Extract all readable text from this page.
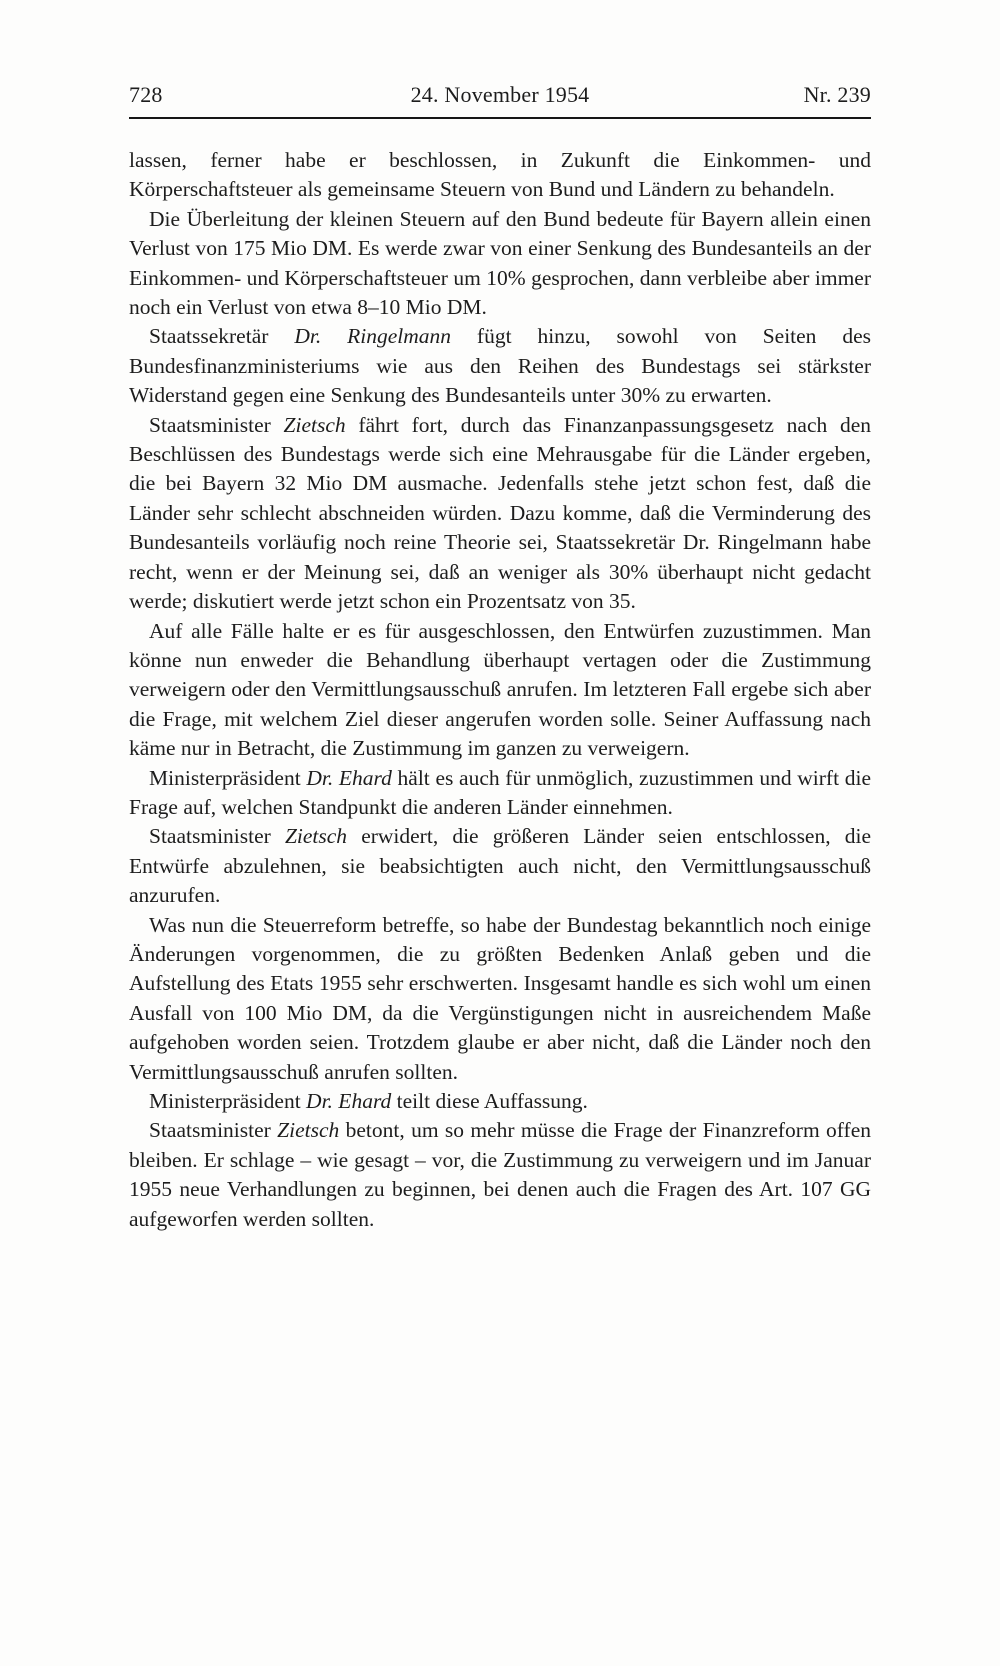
728	24. November 1954	Nr. 239

lassen, ferner habe er beschlossen, in Zukunft die Einkommen- und Körperschaftsteuer als gemeinsame Steuern von Bund und Ländern zu behandeln.

Die Überleitung der kleinen Steuern auf den Bund bedeute für Bayern allein einen Verlust von 175 Mio DM. Es werde zwar von einer Senkung des Bundesanteils an der Einkommen- und Körperschaftsteuer um 10% gesprochen, dann verbleibe aber immer noch ein Verlust von etwa 8–10 Mio DM.

Staatssekretär Dr. Ringelmann fügt hinzu, sowohl von Seiten des Bundesfinanzministeriums wie aus den Reihen des Bundestags sei stärkster Widerstand gegen eine Senkung des Bundesanteils unter 30% zu erwarten.

Staatsminister Zietsch fährt fort, durch das Finanzanpassungsgesetz nach den Beschlüssen des Bundestags werde sich eine Mehrausgabe für die Länder ergeben, die bei Bayern 32 Mio DM ausmache. Jedenfalls stehe jetzt schon fest, daß die Länder sehr schlecht abschneiden würden. Dazu komme, daß die Verminderung des Bundesanteils vorläufig noch reine Theorie sei, Staatssekretär Dr. Ringelmann habe recht, wenn er der Meinung sei, daß an weniger als 30% überhaupt nicht gedacht werde; diskutiert werde jetzt schon ein Prozentsatz von 35.

Auf alle Fälle halte er es für ausgeschlossen, den Entwürfen zuzustimmen. Man könne nun enweder die Behandlung überhaupt vertagen oder die Zustimmung verweigern oder den Vermittlungsausschuß anrufen. Im letzteren Fall ergebe sich aber die Frage, mit welchem Ziel dieser angerufen worden solle. Seiner Auffassung nach käme nur in Betracht, die Zustimmung im ganzen zu verweigern.

Ministerpräsident Dr. Ehard hält es auch für unmöglich, zuzustimmen und wirft die Frage auf, welchen Standpunkt die anderen Länder einnehmen.

Staatsminister Zietsch erwidert, die größeren Länder seien entschlossen, die Entwürfe abzulehnen, sie beabsichtigten auch nicht, den Vermittlungsausschuß anzurufen.

Was nun die Steuerreform betreffe, so habe der Bundestag bekanntlich noch einige Änderungen vorgenommen, die zu größten Bedenken Anlaß geben und die Aufstellung des Etats 1955 sehr erschwerten. Insgesamt handle es sich wohl um einen Ausfall von 100 Mio DM, da die Vergünstigungen nicht in ausreichendem Maße aufgehoben worden seien. Trotzdem glaube er aber nicht, daß die Länder noch den Vermittlungsausschuß anrufen sollten.

Ministerpräsident Dr. Ehard teilt diese Auffassung.

Staatsminister Zietsch betont, um so mehr müsse die Frage der Finanzreform offen bleiben. Er schlage – wie gesagt – vor, die Zustimmung zu verweigern und im Januar 1955 neue Verhandlungen zu beginnen, bei denen auch die Fragen des Art. 107 GG aufgeworfen werden sollten.
